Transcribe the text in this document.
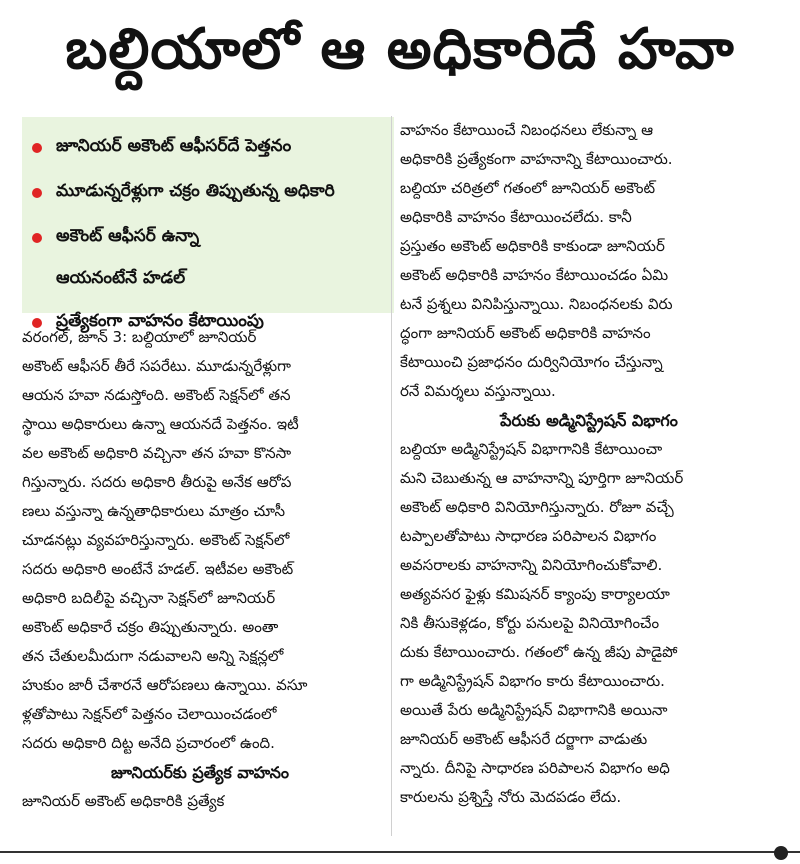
బల్దియాలో ఆ అధికారిదే హవా
జూనియర్ అకౌంట్ ఆఫీసర్‌దే పెత్తనం
మూడున్నరేళ్లుగా చక్రం తిప్పుతున్న అధికారి
అకౌంట్ ఆఫీసర్ ఉన్నా
ఆయనంటేనే హడల్
ప్రత్యేకంగా వాహనం కేటాయింపు
వరంగల్, జూన్ 3: బల్దియాలో జూనియర్
అకౌంట్ ఆఫీసర్ తీరే సపరేటు. మూడున్నరేళ్లుగా
ఆయన హవా నడుస్తోంది. అకౌంట్ సెక్షన్‌లో తన
స్థాయి అధికారులు ఉన్నా ఆయనదే పెత్తనం. ఇటీ
వల అకౌంట్ అధికారి వచ్చినా తన హవా కొనసా
గిస్తున్నారు. సదరు అధికారి తీరుపై అనేక ఆరోప
ణలు వస్తున్నా ఉన్నతాధికారులు మాత్రం చూసీ
చూడనట్లు వ్యవహరిస్తున్నారు. అకౌంట్ సెక్షన్‌లో
సదరు అధికారి అంటేనే హడల్. ఇటీవల అకౌంట్
అధికారి బదిలీపై వచ్చినా సెక్షన్‌లో జూనియర్
అకౌంట్ అధికారే చక్రం తిప్పుతున్నారు. అంతా
తన చేతులమీదుగా నడువాలని అన్ని సెక్షన్లలో
హుకుం జారీ చేశారనే ఆరోపణలు ఉన్నాయి. వసూ
ళ్లతోపాటు సెక్షన్‌లో పెత్తనం చెలాయించడంలో
సదరు అధికారి దిట్ట అనేది ప్రచారంలో ఉంది.
జూనియర్‌కు ప్రత్యేక వాహనం
జూనియర్ అకౌంట్ అధికారికి ప్రత్యేక
వాహనం కేటాయించే నిబంధనలు లేకున్నా ఆ
అధికారికి ప్రత్యేకంగా వాహనాన్ని కేటాయించారు.
బల్దియా చరిత్రలో గతంలో జూనియర్ అకౌంట్
అధికారికి వాహనం కేటాయించలేదు. కానీ
ప్రస్తుతం అకౌంట్ అధికారికి కాకుండా జూనియర్
అకౌంట్ అధికారికి వాహనం కేటాయించడం ఏమి
టనే ప్రశ్నలు వినిపిస్తున్నాయి. నిబంధనలకు విరు
ద్ధంగా జూనియర్ అకౌంట్ అధికారికి వాహనం
కేటాయించి ప్రజాధనం దుర్వినియోగం చేస్తున్నా
రనే విమర్శలు వస్తున్నాయి.
పేరుకు అడ్మినిస్ట్రేషన్ విభాగం
బల్దియా అడ్మినిస్ట్రేషన్ విభాగానికి కేటాయించా
మని చెబుతున్న ఆ వాహనాన్ని పూర్తిగా జూనియర్
అకౌంట్ అధికారి వినియోగిస్తున్నారు. రోజూ వచ్చే
టప్పాలతోపాటు సాధారణ పరిపాలన విభాగం
అవసరాలకు వాహనాన్ని వినియోగించుకోవాలి.
అత్యవసర ఫైళ్లు కమిషనర్ క్యాంపు కార్యాలయా
నికి తీసుకెళ్లడం, కోర్టు పనులపై వినియోగించేం
దుకు కేటాయించారు. గతంలో ఉన్న జీపు పాడైపో
గా అడ్మినిస్ట్రేషన్ విభాగం కారు కేటాయించారు.
అయితే పేరు అడ్మినిస్ట్రేషన్ విభాగానికి అయినా
జూనియర్ అకౌంట్ ఆఫీసరే దర్జాగా వాడుతు
న్నారు. దీనిపై సాధారణ పరిపాలన విభాగం అధి
కారులను ప్రశ్నిస్తే నోరు మెదపడం లేదు.
